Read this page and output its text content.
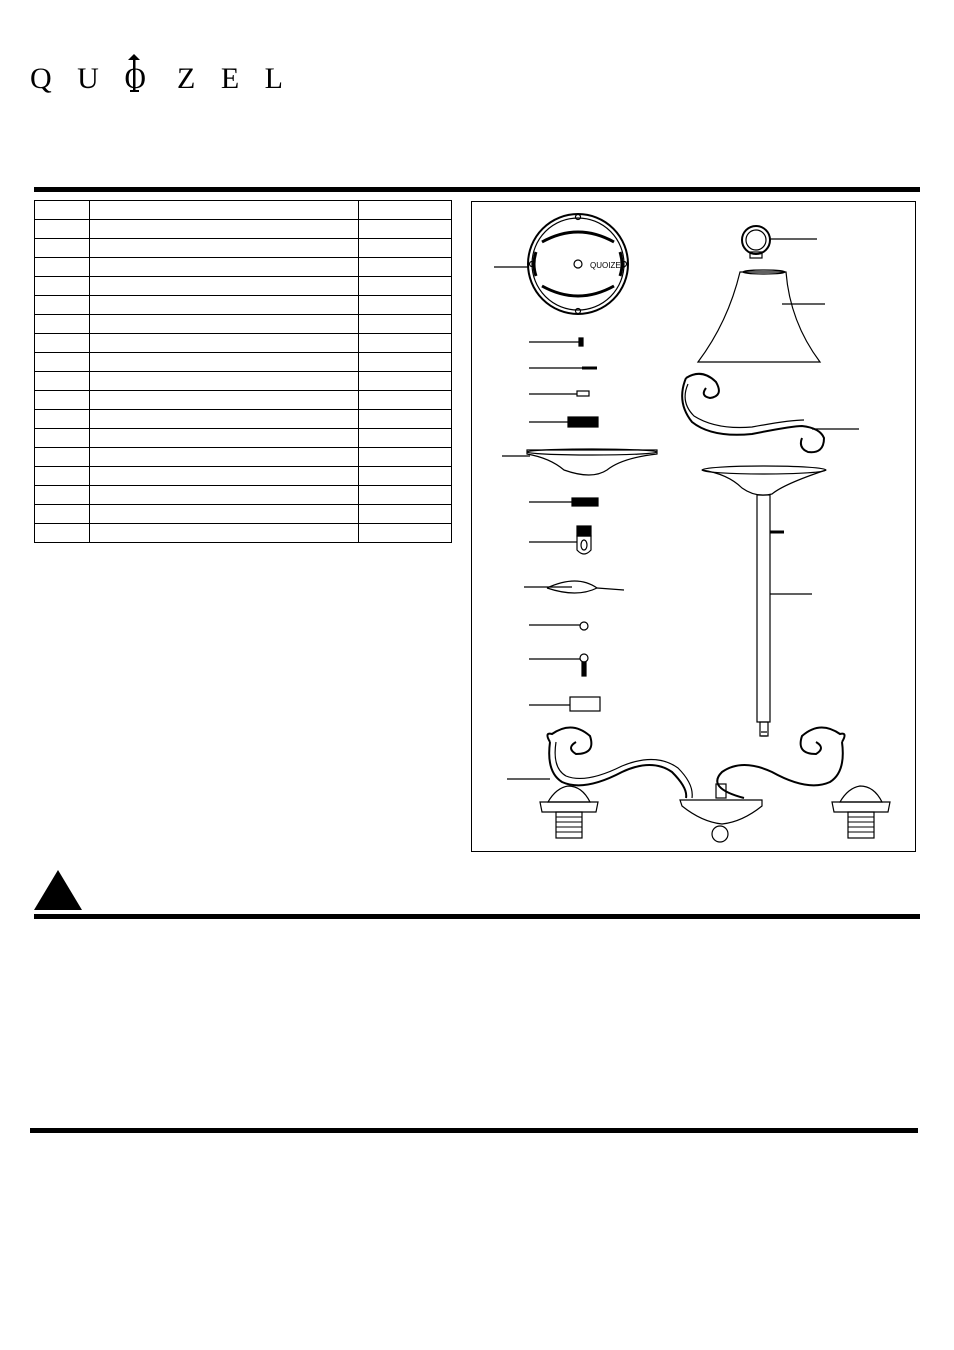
Q U O Z E L

QUOIZEL
